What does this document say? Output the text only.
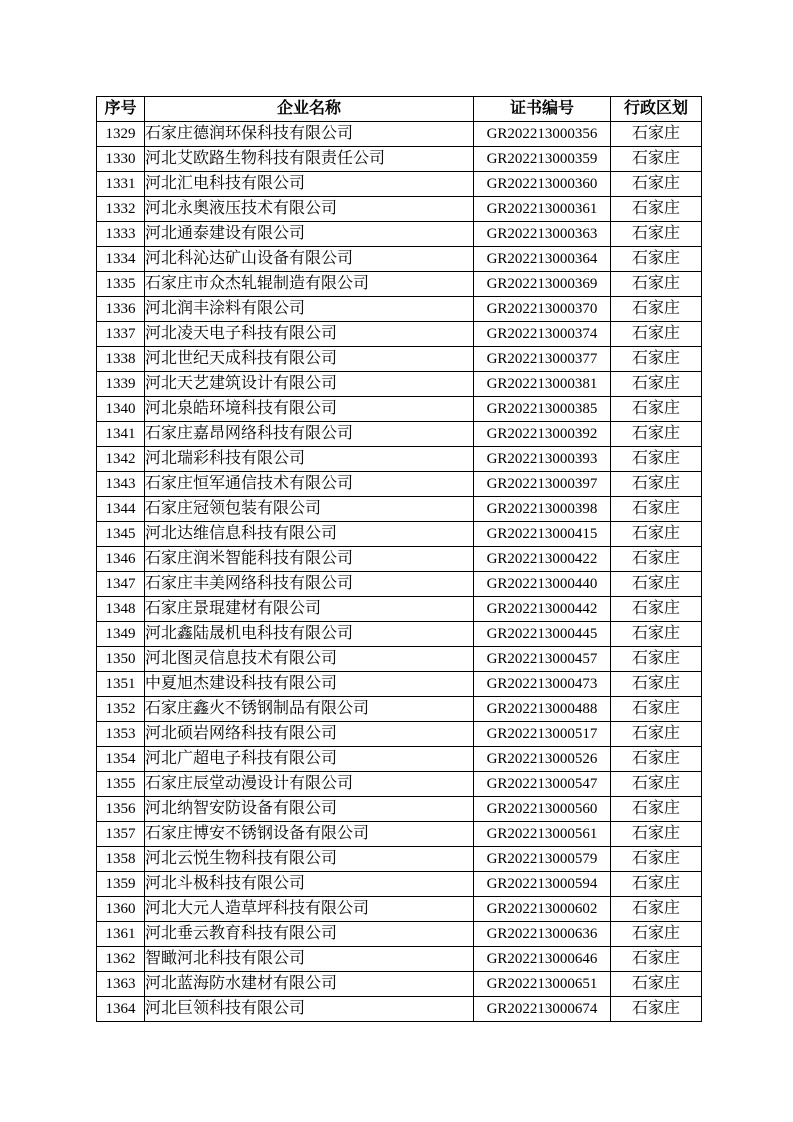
序号	企业名称	证书编号	行政区划
1329	石家庄德润环保科技有限公司	GR202213000356	石家庄
1330	河北艾欧路生物科技有限责任公司	GR202213000359	石家庄
1331	河北汇电科技有限公司	GR202213000360	石家庄
1332	河北永奥液压技术有限公司	GR202213000361	石家庄
1333	河北通泰建设有限公司	GR202213000363	石家庄
1334	河北科沁达矿山设备有限公司	GR202213000364	石家庄
1335	石家庄市众杰轧辊制造有限公司	GR202213000369	石家庄
1336	河北润丰涂料有限公司	GR202213000370	石家庄
1337	河北凌天电子科技有限公司	GR202213000374	石家庄
1338	河北世纪天成科技有限公司	GR202213000377	石家庄
1339	河北天艺建筑设计有限公司	GR202213000381	石家庄
1340	河北泉皓环境科技有限公司	GR202213000385	石家庄
1341	石家庄嘉昂网络科技有限公司	GR202213000392	石家庄
1342	河北瑞彩科技有限公司	GR202213000393	石家庄
1343	石家庄恒军通信技术有限公司	GR202213000397	石家庄
1344	石家庄冠领包装有限公司	GR202213000398	石家庄
1345	河北达维信息科技有限公司	GR202213000415	石家庄
1346	石家庄润米智能科技有限公司	GR202213000422	石家庄
1347	石家庄丰美网络科技有限公司	GR202213000440	石家庄
1348	石家庄景琨建材有限公司	GR202213000442	石家庄
1349	河北鑫陆晟机电科技有限公司	GR202213000445	石家庄
1350	河北图灵信息技术有限公司	GR202213000457	石家庄
1351	中夏旭杰建设科技有限公司	GR202213000473	石家庄
1352	石家庄鑫火不锈钢制品有限公司	GR202213000488	石家庄
1353	河北硕岩网络科技有限公司	GR202213000517	石家庄
1354	河北广超电子科技有限公司	GR202213000526	石家庄
1355	石家庄辰堂动漫设计有限公司	GR202213000547	石家庄
1356	河北纳智安防设备有限公司	GR202213000560	石家庄
1357	石家庄博安不锈钢设备有限公司	GR202213000561	石家庄
1358	河北云悦生物科技有限公司	GR202213000579	石家庄
1359	河北斗极科技有限公司	GR202213000594	石家庄
1360	河北大元人造草坪科技有限公司	GR202213000602	石家庄
1361	河北垂云教育科技有限公司	GR202213000636	石家庄
1362	智瞰河北科技有限公司	GR202213000646	石家庄
1363	河北蓝海防水建材有限公司	GR202213000651	石家庄
1364	河北巨领科技有限公司	GR202213000674	石家庄
